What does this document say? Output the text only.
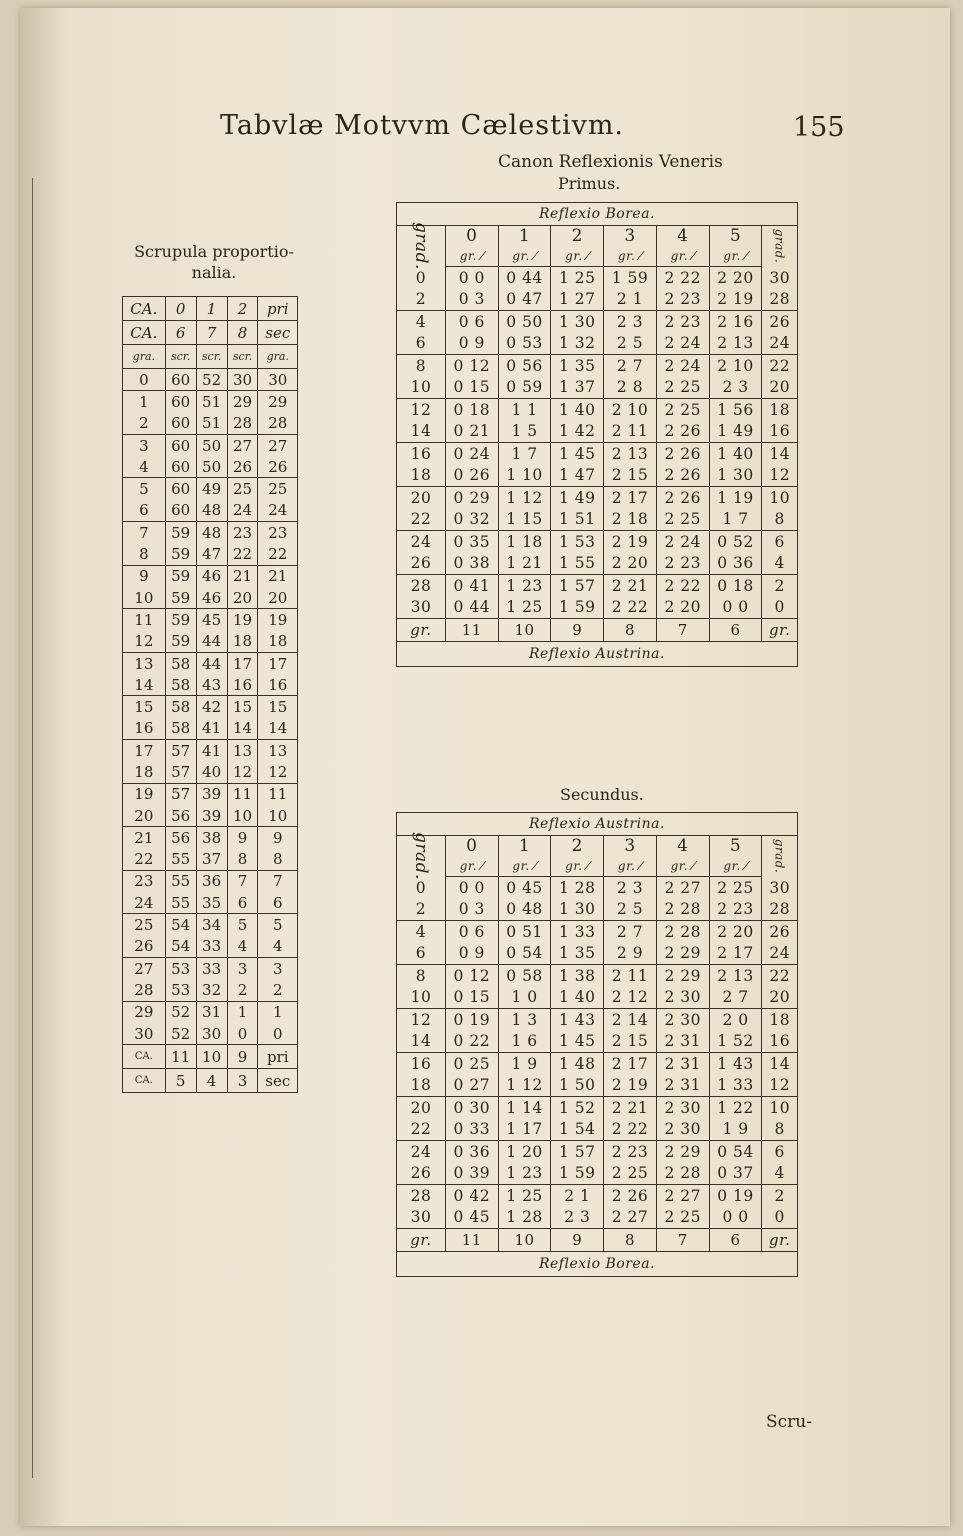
Tabvlæ Motvvm Cælestivm.	155
Canon Reflexionis Veneris
Primus.
Secundus.
Scrupula proportio-nalia.
Scru-
CA.	0	1	2	pri
CA.	6	7	8	sec
gra.	scr.	scr.	scr.	gra.
0	60	52	30	30
1	60	51	29	29
2	60	51	28	28
3	60	50	27	27
4	60	50	26	26
5	60	49	25	25
6	60	48	24	24
7	59	48	23	23
8	59	47	22	22
9	59	46	21	21
10	59	46	20	20
11	59	45	19	19
12	59	44	18	18
13	58	44	17	17
14	58	43	16	16
15	58	42	15	15
16	58	41	14	14
17	57	41	13	13
18	57	40	12	12
19	57	39	11	11
20	56	39	10	10
21	56	38	9	9
22	55	37	8	8
23	55	36	7	7
24	55	35	6	6
25	54	34	5	5
26	54	33	4	4
27	53	33	3	3
28	53	32	2	2
29	52	31	1	1
30	52	30	0	0
CA.	11	10	9	pri
CA.	5	4	3	sec
Reflexio Borea.							
grad.	0	1	2	3	4	5	grad.
	gr. ⁄	gr. ⁄	gr. ⁄	gr. ⁄	gr. ⁄	gr. ⁄	
0	0 0	0 44	1 25	1 59	2 22	2 20	30
2	0 3	0 47	1 27	2 1	2 23	2 19	28
4	0 6	0 50	1 30	2 3	2 23	2 16	26
6	0 9	0 53	1 32	2 5	2 24	2 13	24
8	0 12	0 56	1 35	2 7	2 24	2 10	22
10	0 15	0 59	1 37	2 8	2 25	2 3	20
12	0 18	1 1	1 40	2 10	2 25	1 56	18
14	0 21	1 5	1 42	2 11	2 26	1 49	16
16	0 24	1 7	1 45	2 13	2 26	1 40	14
18	0 26	1 10	1 47	2 15	2 26	1 30	12
20	0 29	1 12	1 49	2 17	2 26	1 19	10
22	0 32	1 15	1 51	2 18	2 25	1 7	8
24	0 35	1 18	1 53	2 19	2 24	0 52	6
26	0 38	1 21	1 55	2 20	2 23	0 36	4
28	0 41	1 23	1 57	2 21	2 22	0 18	2
30	0 44	1 25	1 59	2 22	2 20	0 0	0
gr.	11	10	9	8	7	6	gr.
Reflexio Austrina.							
Reflexio Austrina.							
grad.	0	1	2	3	4	5	grad.
	gr. ⁄	gr. ⁄	gr. ⁄	gr. ⁄	gr. ⁄	gr. ⁄	
0	0 0	0 45	1 28	2 3	2 27	2 25	30
2	0 3	0 48	1 30	2 5	2 28	2 23	28
4	0 6	0 51	1 33	2 7	2 28	2 20	26
6	0 9	0 54	1 35	2 9	2 29	2 17	24
8	0 12	0 58	1 38	2 11	2 29	2 13	22
10	0 15	1 0	1 40	2 12	2 30	2 7	20
12	0 19	1 3	1 43	2 14	2 30	2 0	18
14	0 22	1 6	1 45	2 15	2 31	1 52	16
16	0 25	1 9	1 48	2 17	2 31	1 43	14
18	0 27	1 12	1 50	2 19	2 31	1 33	12
20	0 30	1 14	1 52	2 21	2 30	1 22	10
22	0 33	1 17	1 54	2 22	2 30	1 9	8
24	0 36	1 20	1 57	2 23	2 29	0 54	6
26	0 39	1 23	1 59	2 25	2 28	0 37	4
28	0 42	1 25	2 1	2 26	2 27	0 19	2
30	0 45	1 28	2 3	2 27	2 25	0 0	0
gr.	11	10	9	8	7	6	gr.
Reflexio Borea.							
